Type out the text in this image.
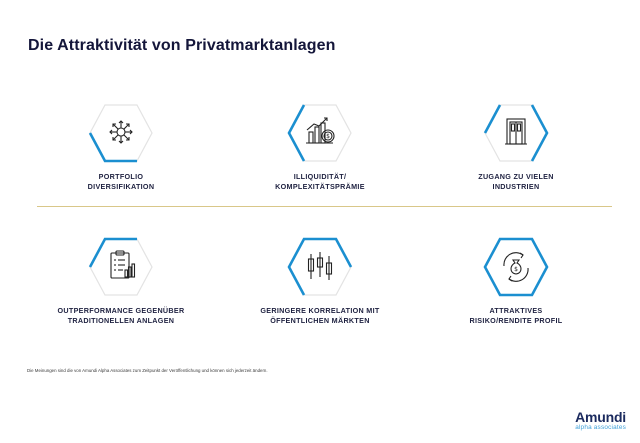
Die Attraktivität von Privatmarktanlagen
PORTFOLIO
DIVERSIFIKATION
$
ILLIQUIDITÄT/
KOMPLEXITÄTSPRÄMIE
ZUGANG ZU VIELEN
INDUSTRIEN
OUTPERFORMANCE GEGENÜBER
TRADITIONELLEN ANLAGEN
GERINGERE KORRELATION MIT
ÖFFENTLICHEN MÄRKTEN
$
ATTRAKTIVES
RISIKO/RENDITE PROFIL
Die Meinungen sind die von Amundi Alpha Associates zum Zeitpunkt der Veröffentlichung und können sich jederzeit ändern.
Amundi
alpha associates
